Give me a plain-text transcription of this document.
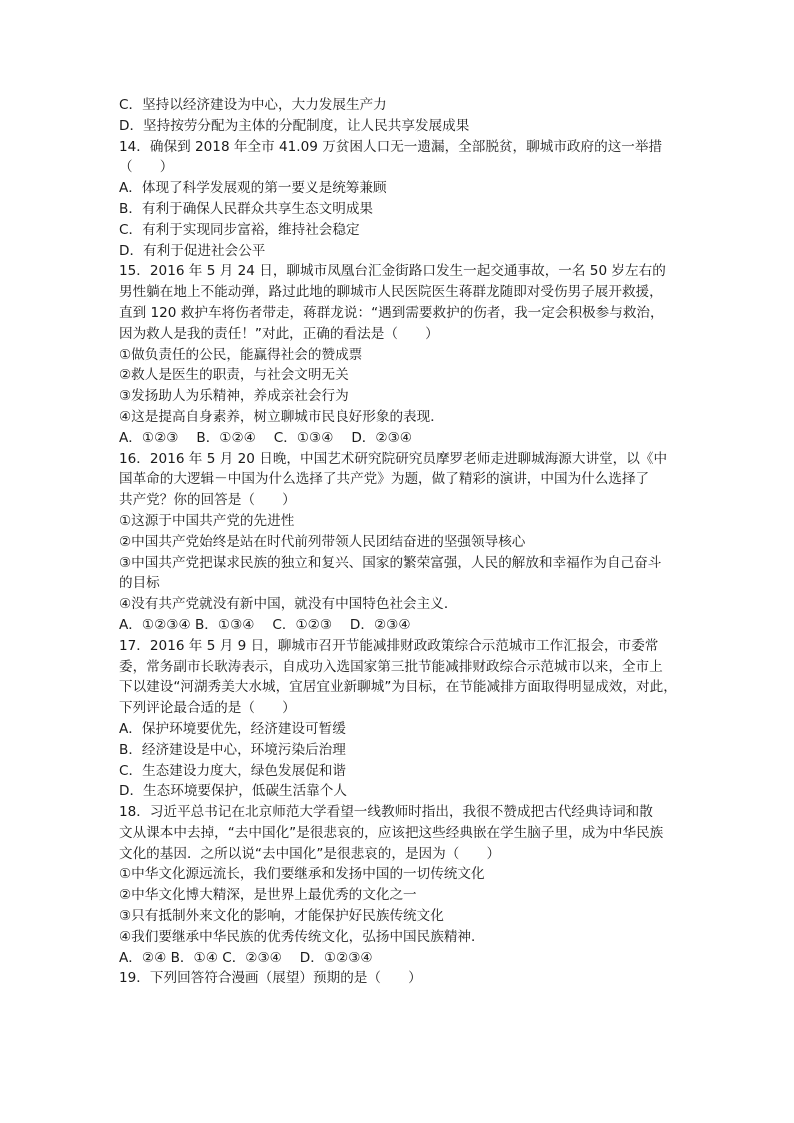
C．坚持以经济建设为中心，大力发展生产力
D．坚持按劳分配为主体的分配制度，让人民共享发展成果
14．确保到 2018 年全市 41.09 万贫困人口无一遗漏，全部脱贫，聊城市政府的这一举措
（　　）
A．体现了科学发展观的第一要义是统筹兼顾
B．有利于确保人民群众共享生态文明成果
C．有利于实现同步富裕，维持社会稳定
D．有利于促进社会公平
15．2016 年 5 月 24 日，聊城市凤凰台汇金街路口发生一起交通事故，一名 50 岁左右的
男性躺在地上不能动弹，路过此地的聊城市人民医院医生蒋群龙随即对受伤男子展开救援，
直到 120 救护车将伤者带走，蒋群龙说：“遇到需要救护的伤者，我一定会积极参与救治，
因为救人是我的责任！”对此，正确的看法是（　　）
①做负责任的公民，能赢得社会的赞成票
②救人是医生的职责，与社会文明无关
③发扬助人为乐精神，养成亲社会行为
④这是提高自身素养，树立聊城市民良好形象的表现．
A．①②③　 B．①②④　 C．①③④　 D．②③④
16．2016 年 5 月 20 日晚，中国艺术研究院研究员摩罗老师走进聊城海源大讲堂，以《中
国革命的大逻辑－中国为什么选择了共产党》为题，做了精彩的演讲，中国为什么选择了
共产党？你的回答是（　　）
①这源于中国共产党的先进性
②中国共产党始终是站在时代前列带领人民团结奋进的坚强领导核心
③中国共产党把谋求民族的独立和复兴、国家的繁荣富强，人民的解放和幸福作为自己奋斗
的目标
④没有共产党就没有新中国，就没有中国特色社会主义．
A．①②③④ B．①③④　 C．①②③　 D．②③④
17．2016 年 5 月 9 日，聊城市召开节能减排财政政策综合示范城市工作汇报会，市委常
委，常务副市长耿涛表示，自成功入选国家第三批节能减排财政综合示范城市以来，全市上
下以建设“河湖秀美大水城，宜居宜业新聊城”为目标，在节能减排方面取得明显成效，对此，
下列评论最合适的是（　　）
A．保护环境要优先，经济建设可暂缓
B．经济建设是中心，环境污染后治理
C．生态建设力度大，绿色发展促和谐
D．生态环境要保护，低碳生活靠个人
18．习近平总书记在北京师范大学看望一线教师时指出，我很不赞成把古代经典诗词和散
文从课本中去掉，“去中国化”是很悲哀的，应该把这些经典嵌在学生脑子里，成为中华民族
文化的基因．之所以说“去中国化”是很悲哀的，是因为（　　）
①中华文化源远流长，我们要继承和发扬中国的一切传统文化
②中华文化博大精深，是世界上最优秀的文化之一
③只有抵制外来文化的影响，才能保护好民族传统文化
④我们要继承中华民族的优秀传统文化，弘扬中国民族精神．
A．②④ B．①④ C．②③④　 D．①②③④
19．下列回答符合漫画（展望）预期的是（　　）
